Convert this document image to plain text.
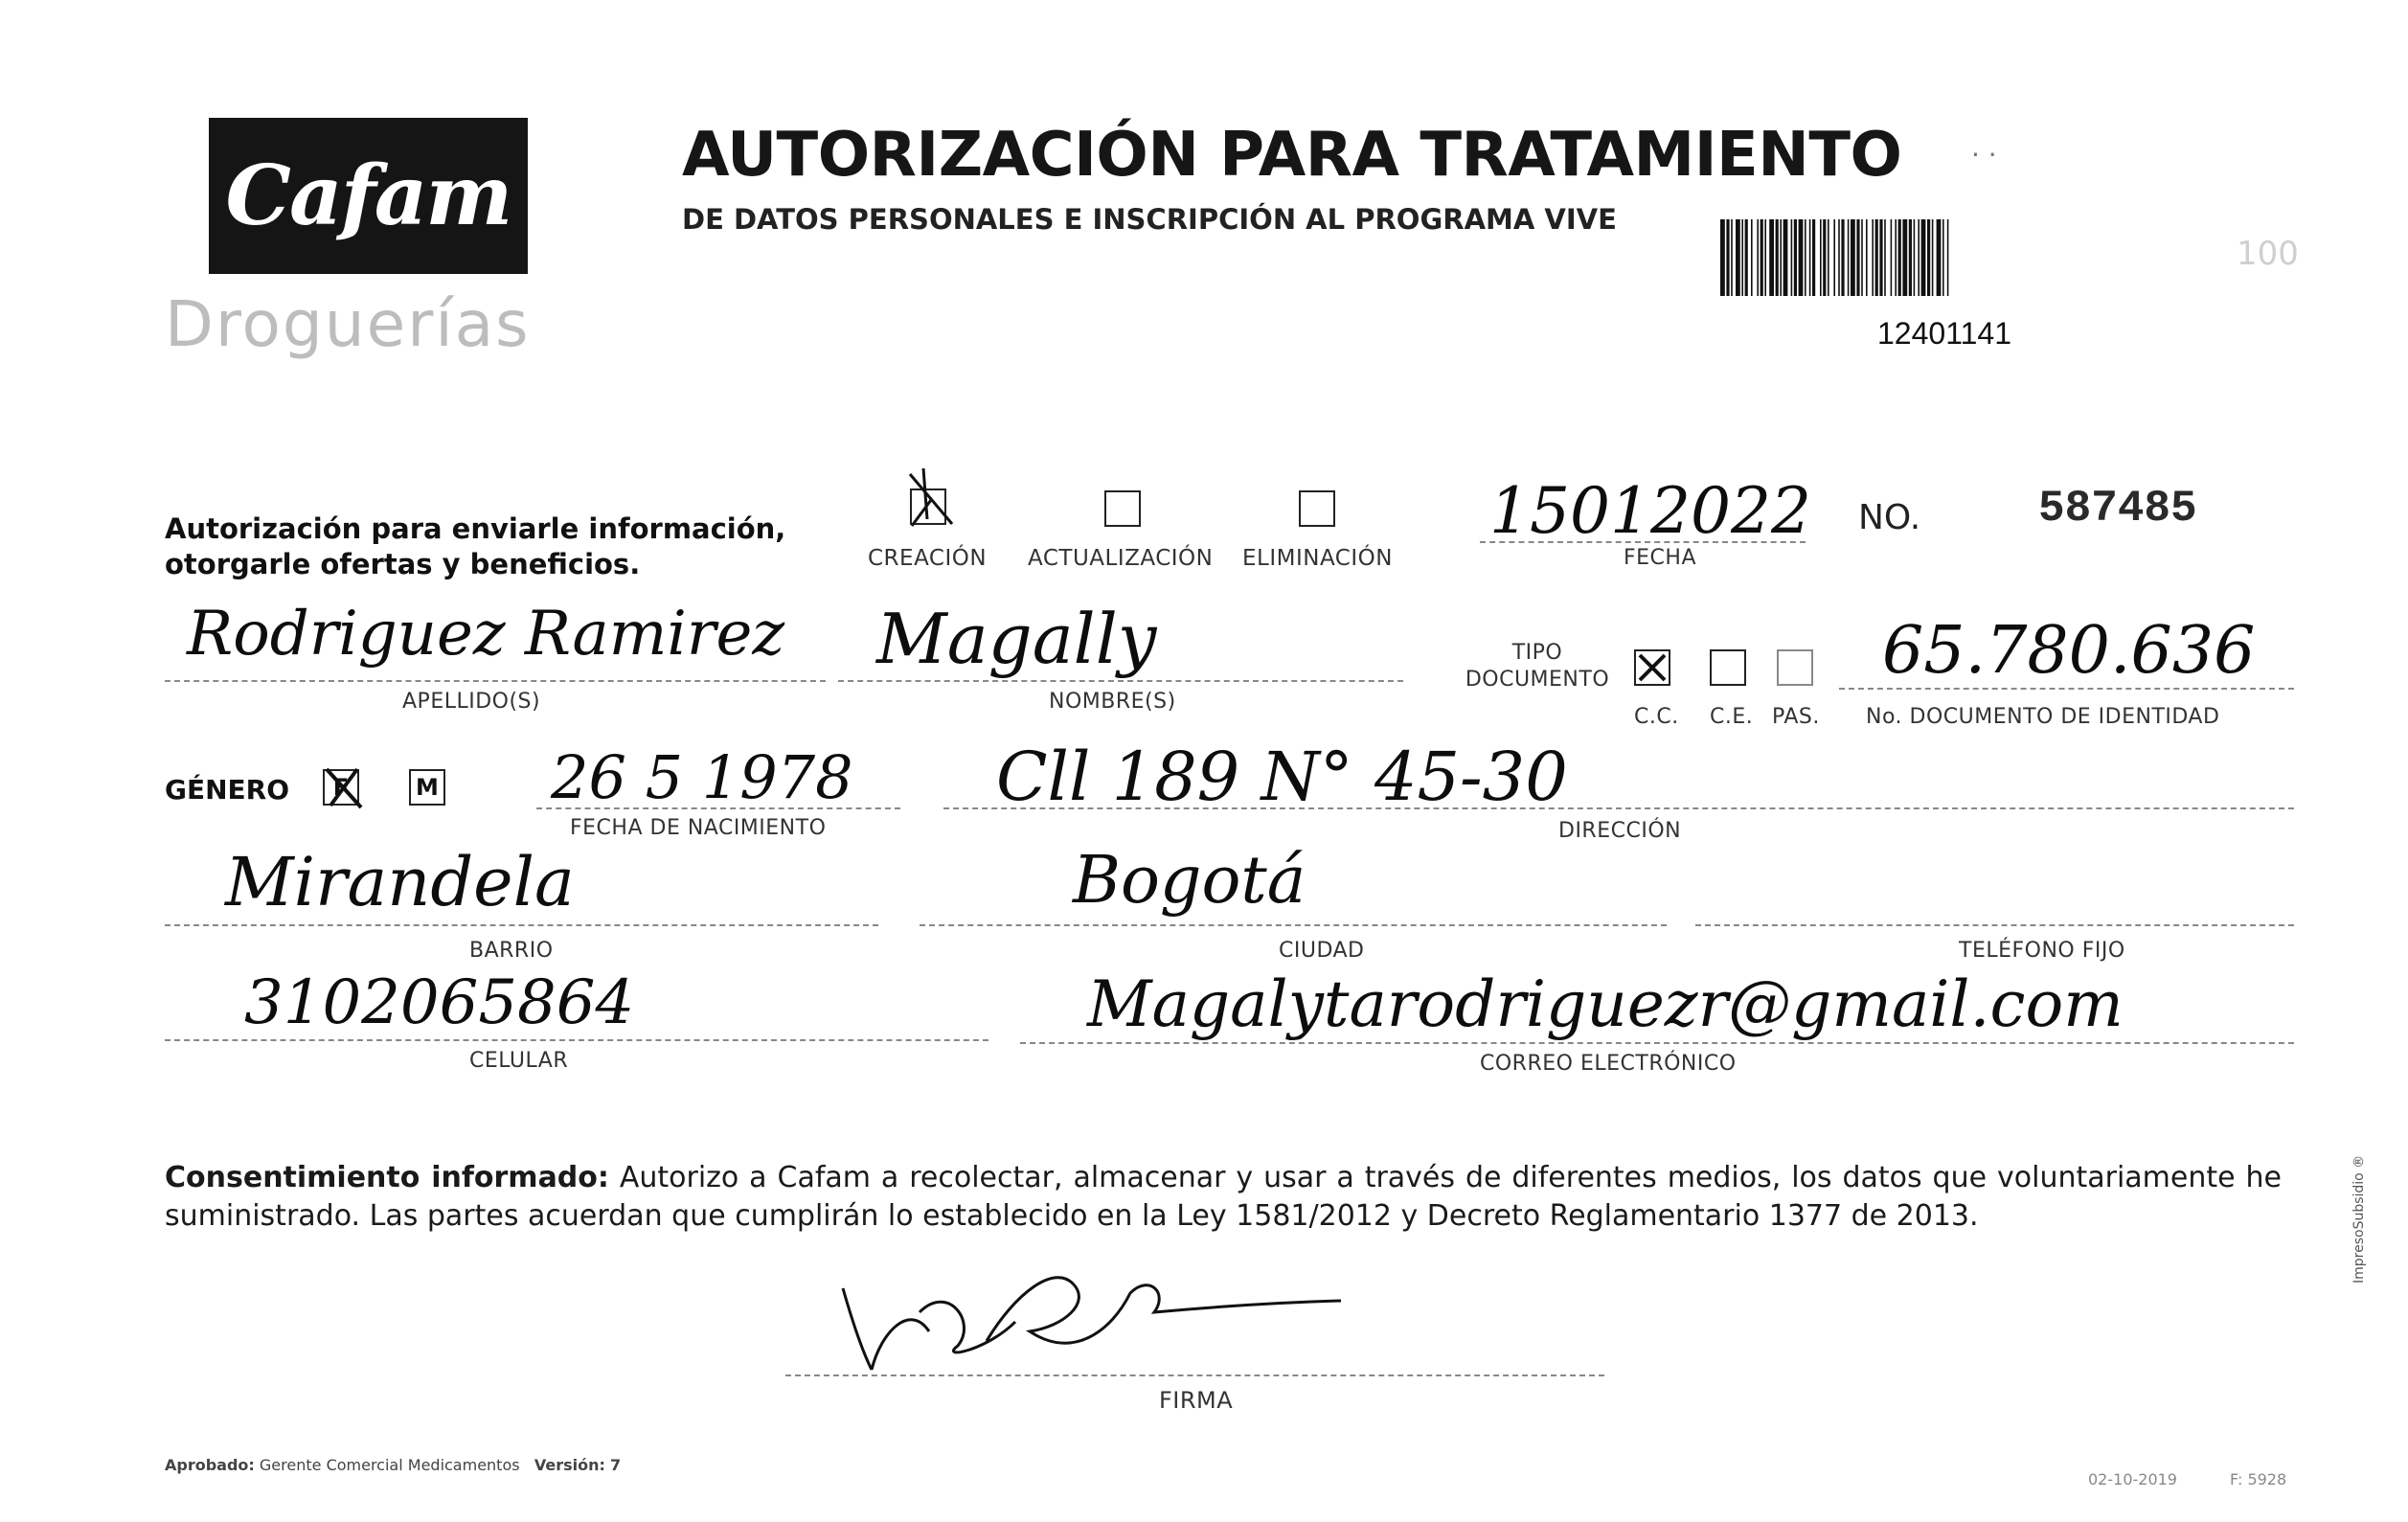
Cafam
Droguerías
AUTORIZACIÓN PARA TRATAMIENTO
DE DATOS PERSONALES E INSCRIPCIÓN AL PROGRAMA VIVE
· ·
100
12401141
Autorización para enviarle información,
otorgarle ofertas y beneficios.	CREACIÓN ACTUALIZACIÓN ELIMINACIÓN
15012022
FECHA
NO.	587485
Rodriguez Ramirez
APELLIDO(S)
Magally
NOMBRE(S)
TIPO DOCUMENTO
C.C. C.E. PAS.
65.780.636
No. DOCUMENTO DE IDENTIDAD
GÉNERO	F	M 26 5 1978
FECHA DE NACIMIENTO
Cll 189 N° 45-30
DIRECCIÓN
Mirandela
BARRIO
Bogotá
CIUDAD	TELÉFONO FIJO
3102065864
CELULAR
Magalytarodriguezr@gmail.com
CORREO ELECTRÓNICO
Consentimiento informado: Autorizo a Cafam a recolectar, almacenar y usar a través de diferentes medios, los datos que voluntariamente he suministrado. Las partes acuerdan que cumplirán lo establecido en la Ley 1581/2012 y Decreto Reglamentario 1377 de 2013.
FIRMA
Aprobado: Gerente Comercial Medicamentos Versión: 7
02-10-2019	F: 5928
ImpresoSubsidio ®
